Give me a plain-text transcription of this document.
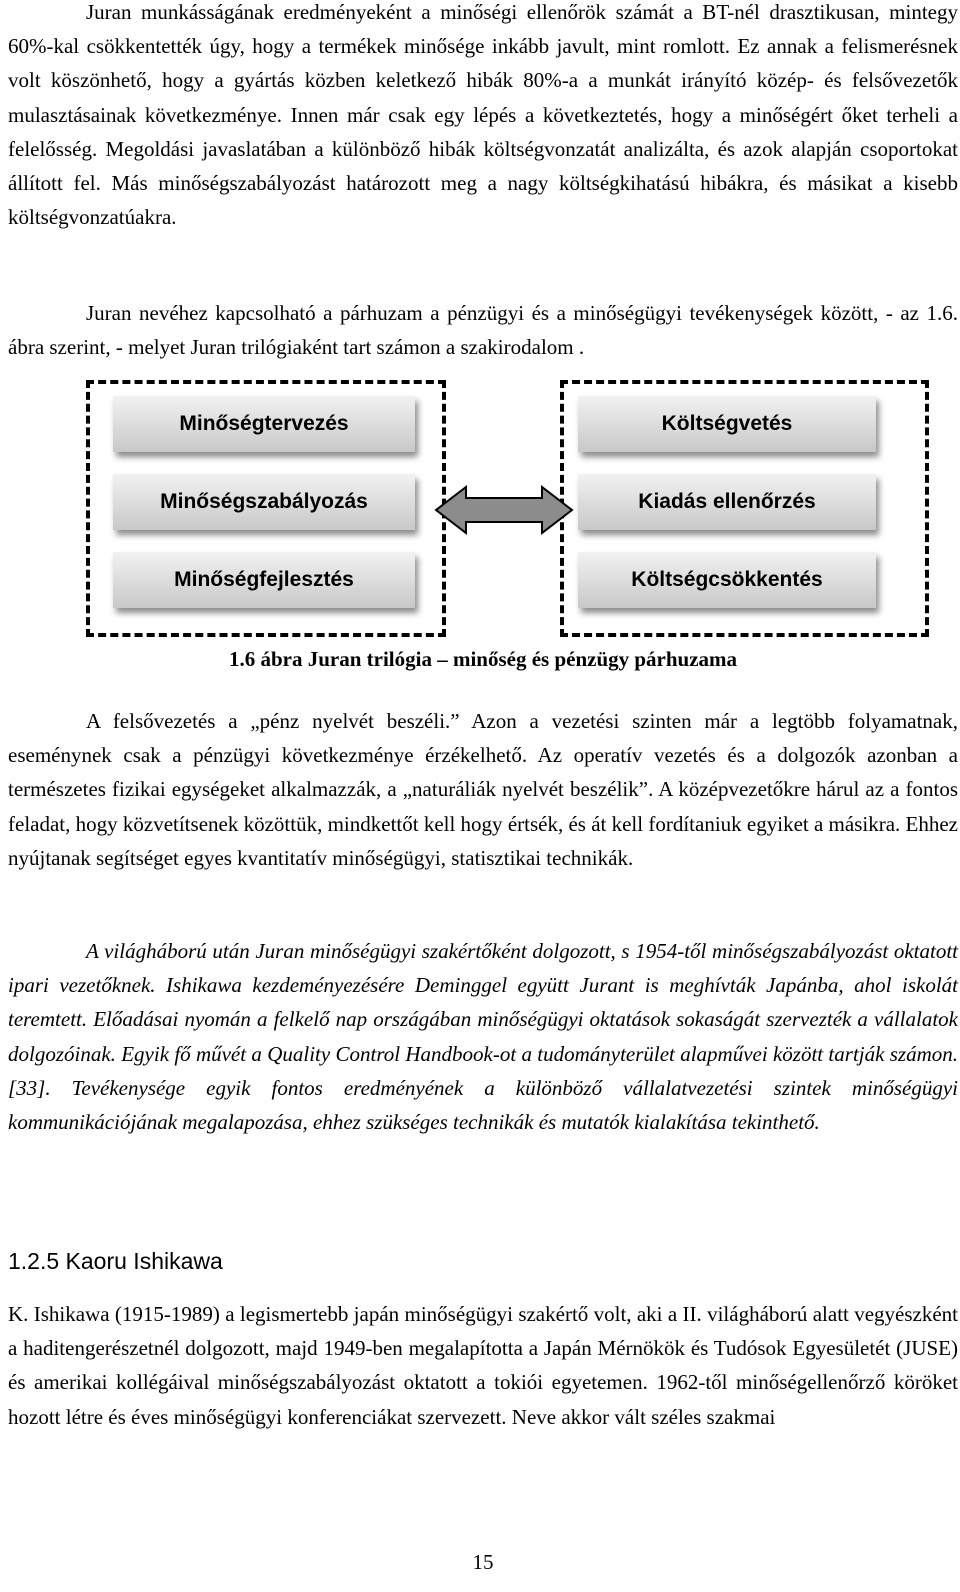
Juran munkásságának eredményeként a minőségi ellenőrök számát a BT-nél drasztikusan, mintegy 60%-kal csökkentették úgy, hogy a termékek minősége inkább javult, mint romlott. Ez annak a felismerésnek volt köszönhető, hogy a gyártás közben keletkező hibák 80%-a a munkát irányító közép- és felsővezetők mulasztásainak következménye. Innen már csak egy lépés a következtetés, hogy a minőségért őket terheli a felelősség. Megoldási javaslatában a különböző hibák költségvonzatát analizálta, és azok alapján csoportokat állított fel. Más minőségszabályozást határozott meg a nagy költségkihatású hibákra, és másikat a kisebb költségvonzatúakra.

Juran nevéhez kapcsolható a párhuzam a pénzügyi és a minőségügyi tevékenységek között, - az 1.6. ábra szerint, - melyet Juran trilógiaként tart számon a szakirodalom .

Minőségtervezés
Minőségszabályozás
Minőségfejlesztés
Költségvetés
Kiadás ellenőrzés
Költségcsökkentés
1.6 ábra Juran trilógia – minőség és pénzügy párhuzama

A felsővezetés a „pénz nyelvét beszéli.” Azon a vezetési szinten már a legtöbb folyamatnak, eseménynek csak a pénzügyi következménye érzékelhető. Az operatív vezetés és a dolgozók azonban a természetes fizikai egységeket alkalmazzák, a „naturáliák nyelvét beszélik”. A középvezetőkre hárul az a fontos feladat, hogy közvetítsenek közöttük, mindkettőt kell hogy értsék, és át kell fordítaniuk egyiket a másikra. Ehhez nyújtanak segítséget egyes kvantitatív minőségügyi, statisztikai technikák.

A világháború után Juran minőségügyi szakértőként dolgozott, s 1954-től minőségszabályozást oktatott ipari vezetőknek. Ishikawa kezdeményezésére Deminggel együtt Jurant is meghívták Japánba, ahol iskolát teremtett. Előadásai nyomán a felkelő nap országában minőségügyi oktatások sokaságát szervezték a vállalatok dolgozóinak. Egyik fő művét a Quality Control Handbook-ot a tudományterület alapművei között tartják számon. [33]. Tevékenysége egyik fontos eredményének a különböző vállalatvezetési szintek minőségügyi kommunikációjának megalapozása, ehhez szükséges technikák és mutatók kialakítása tekinthető.

1.2.5 Kaoru Ishikawa

K. Ishikawa (1915-1989) a legismertebb japán minőségügyi szakértő volt, aki a II. világháború alatt vegyészként a haditengerészetnél dolgozott, majd 1949-ben megalapította a Japán Mérnökök és Tudósok Egyesületét (JUSE) és amerikai kollégáival minőségszabályozást oktatott a tokiói egyetemen. 1962-től minőségellenőrző köröket hozott létre és éves minőségügyi konferenciákat szervezett. Neve akkor vált széles szakmai

15
